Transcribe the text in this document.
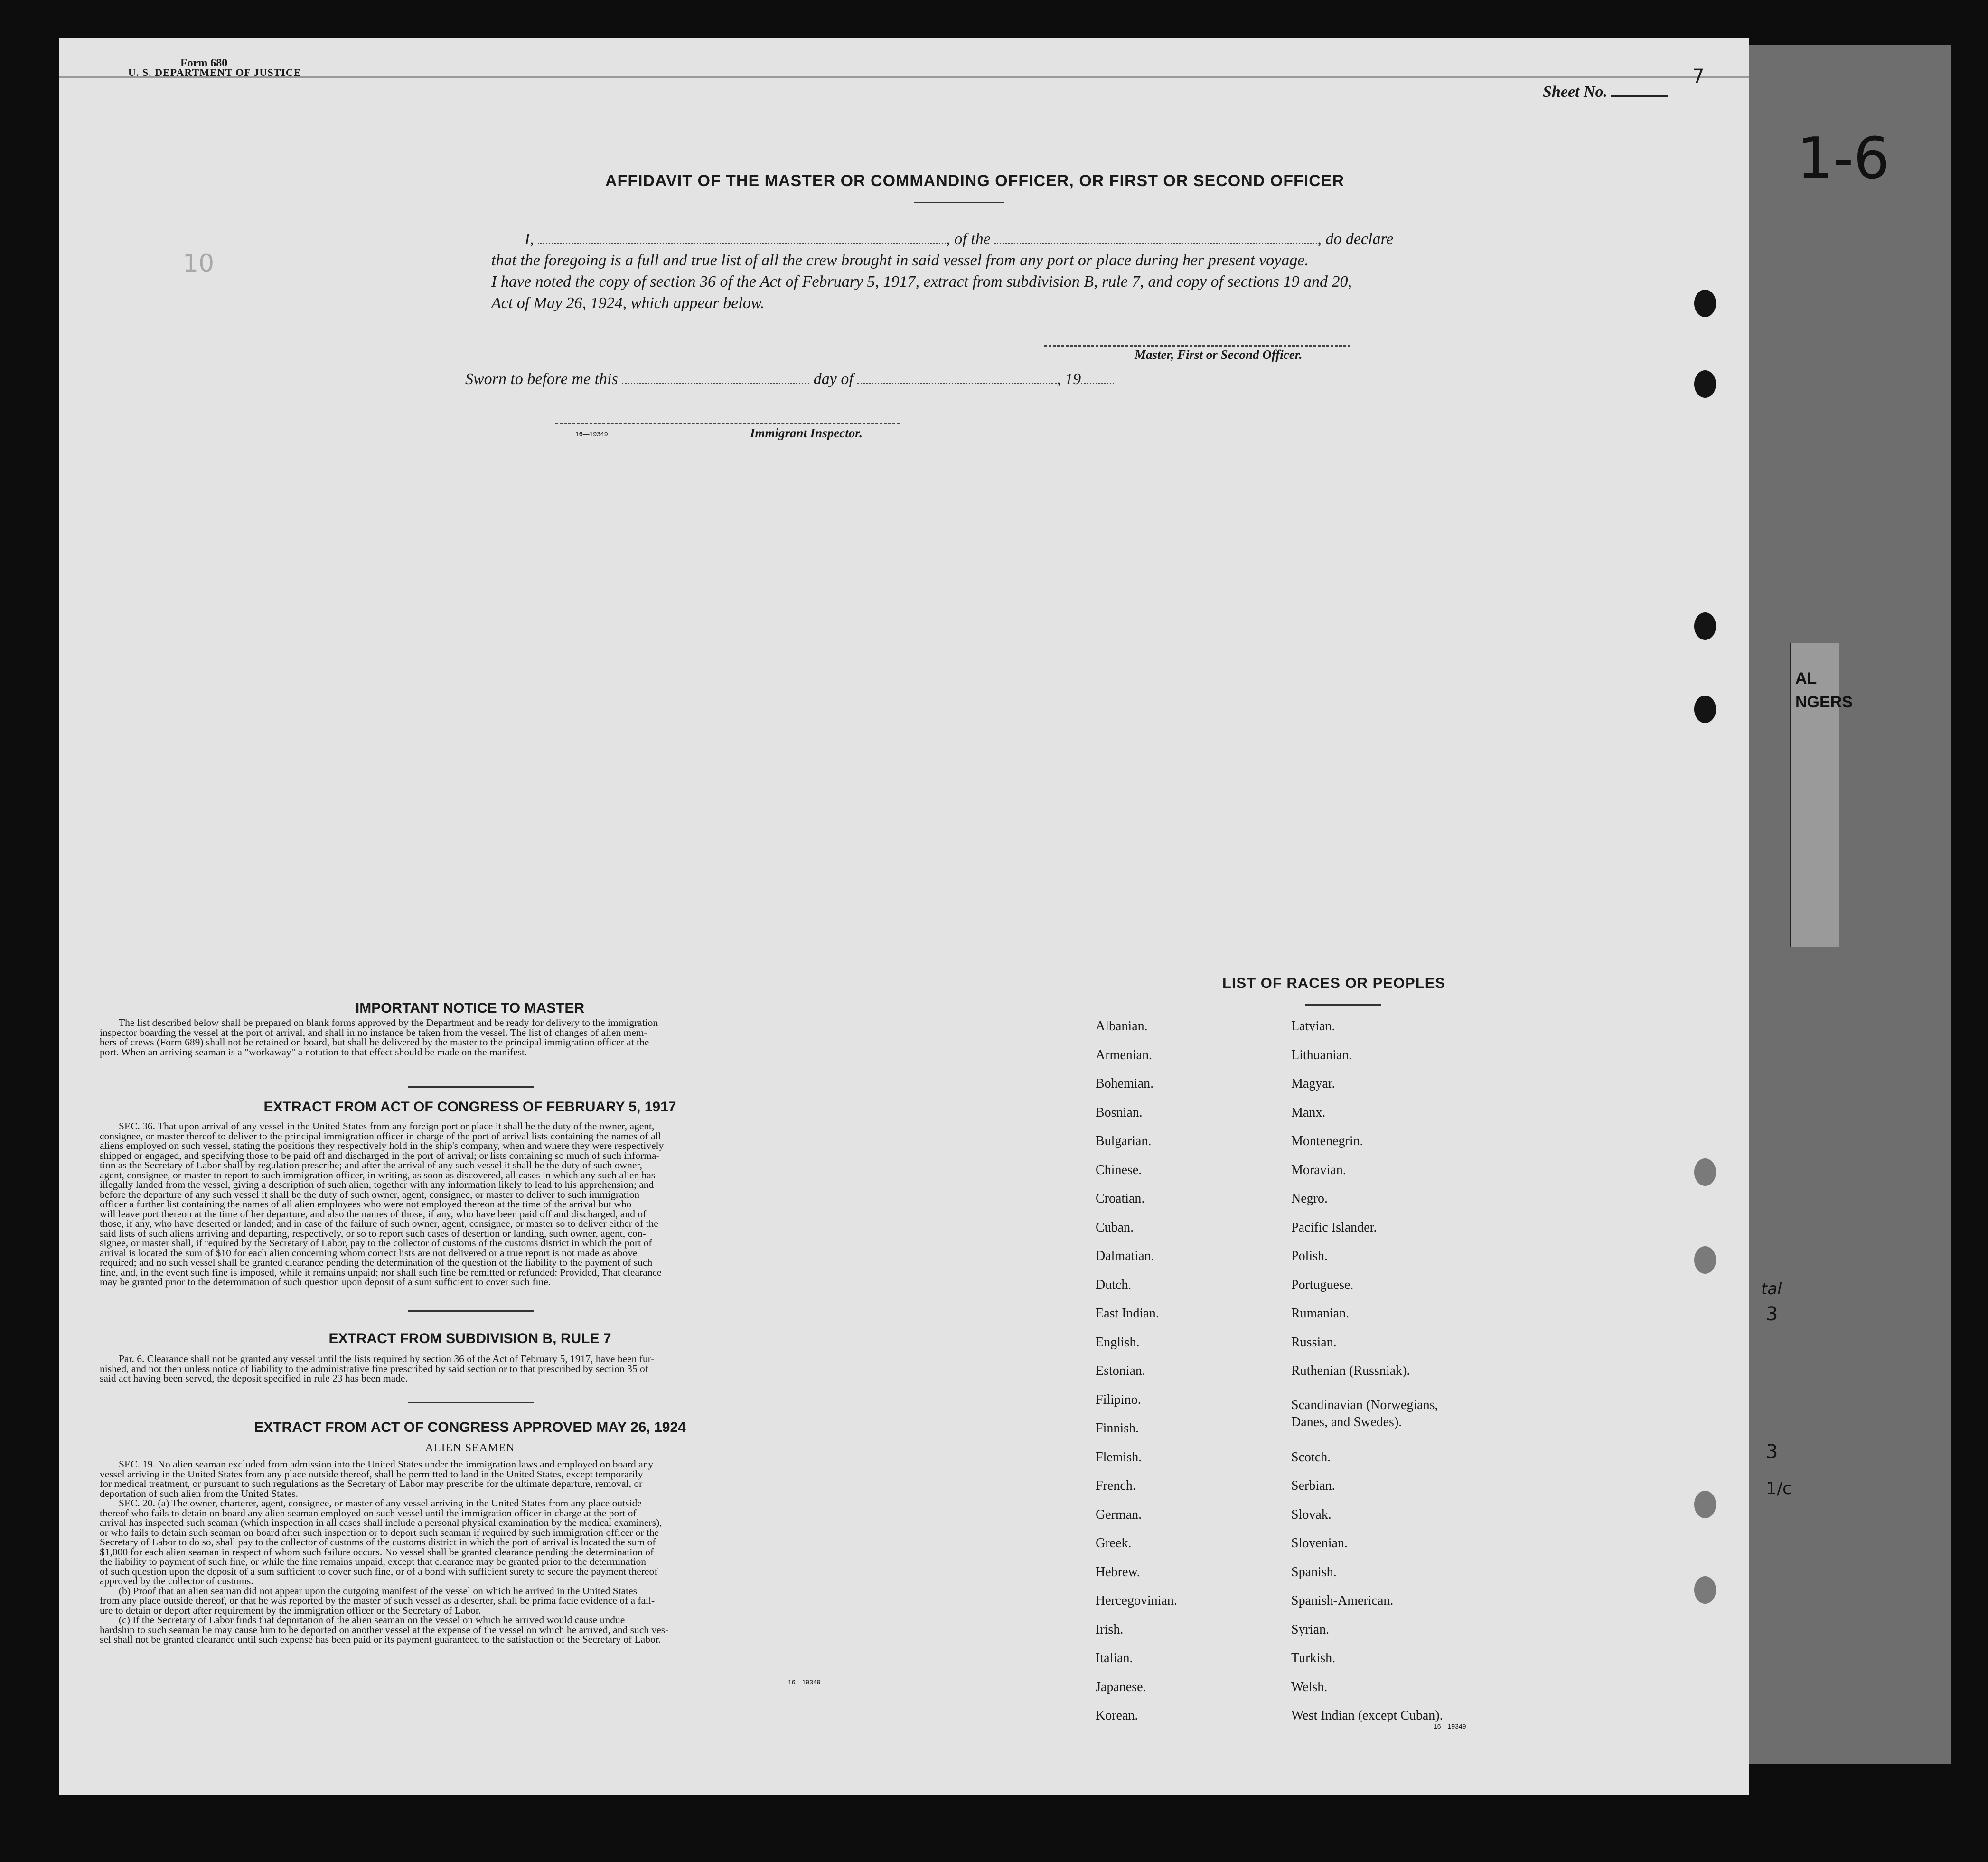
1-6
AL
NGERS
tal
3
3
1/c
Form 680
U. S. DEPARTMENT OF JUSTICE
Sheet No.
7
10
AFFIDAVIT OF THE MASTER OR COMMANDING OFFICER, OR FIRST OR SECOND OFFICER
I,	, of the	, do declare
that the foregoing is a full and true list of all the crew brought in said vessel from any port or place during her present voyage.
I have noted the copy of section 36 of the Act of February 5, 1917, extract from subdivision B, rule 7, and copy of sections 19 and 20,
Act of May 26, 1924, which appear below.
Master, First or Second Officer.
Sworn to before me this	day of	, 19
16—19349	Immigrant Inspector.
IMPORTANT NOTICE TO MASTER
The list described below shall be prepared on blank forms approved by the Department and be ready for delivery to the immigration
inspector boarding the vessel at the port of arrival, and shall in no instance be taken from the vessel. The list of changes of alien mem-
bers of crews (Form 689) shall not be retained on board, but shall be delivered by the master to the principal immigration officer at the
port. When an arriving seaman is a "workaway" a notation to that effect should be made on the manifest.
EXTRACT FROM ACT OF CONGRESS OF FEBRUARY 5, 1917
SEC. 36. That upon arrival of any vessel in the United States from any foreign port or place it shall be the duty of the owner, agent,
consignee, or master thereof to deliver to the principal immigration officer in charge of the port of arrival lists containing the names of all
aliens employed on such vessel, stating the positions they respectively hold in the ship's company, when and where they were respectively
shipped or engaged, and specifying those to be paid off and discharged in the port of arrival; or lists containing so much of such informa-
tion as the Secretary of Labor shall by regulation prescribe; and after the arrival of any such vessel it shall be the duty of such owner,
agent, consignee, or master to report to such immigration officer, in writing, as soon as discovered, all cases in which any such alien has
illegally landed from the vessel, giving a description of such alien, together with any information likely to lead to his apprehension; and
before the departure of any such vessel it shall be the duty of such owner, agent, consignee, or master to deliver to such immigration
officer a further list containing the names of all alien employees who were not employed thereon at the time of the arrival but who
will leave port thereon at the time of her departure, and also the names of those, if any, who have been paid off and discharged, and of
those, if any, who have deserted or landed; and in case of the failure of such owner, agent, consignee, or master so to deliver either of the
said lists of such aliens arriving and departing, respectively, or so to report such cases of desertion or landing, such owner, agent, con-
signee, or master shall, if required by the Secretary of Labor, pay to the collector of customs of the customs district in which the port of
arrival is located the sum of $10 for each alien concerning whom correct lists are not delivered or a true report is not made as above
required; and no such vessel shall be granted clearance pending the determination of the question of the liability to the payment of such
fine, and, in the event such fine is imposed, while it remains unpaid; nor shall such fine be remitted or refunded: Provided, That clearance
may be granted prior to the determination of such question upon deposit of a sum sufficient to cover such fine.
EXTRACT FROM SUBDIVISION B, RULE 7
Par. 6. Clearance shall not be granted any vessel until the lists required by section 36 of the Act of February 5, 1917, have been fur-
nished, and not then unless notice of liability to the administrative fine prescribed by said section or to that prescribed by section 35 of
said act having been served, the deposit specified in rule 23 has been made.
EXTRACT FROM ACT OF CONGRESS APPROVED MAY 26, 1924
ALIEN SEAMEN
SEC. 19. No alien seaman excluded from admission into the United States under the immigration laws and employed on board any
vessel arriving in the United States from any place outside thereof, shall be permitted to land in the United States, except temporarily
for medical treatment, or pursuant to such regulations as the Secretary of Labor may prescribe for the ultimate departure, removal, or
deportation of such alien from the United States.
SEC. 20. (a) The owner, charterer, agent, consignee, or master of any vessel arriving in the United States from any place outside
thereof who fails to detain on board any alien seaman employed on such vessel until the immigration officer in charge at the port of
arrival has inspected such seaman (which inspection in all cases shall include a personal physical examination by the medical examiners),
or who fails to detain such seaman on board after such inspection or to deport such seaman if required by such immigration officer or the
Secretary of Labor to do so, shall pay to the collector of customs of the customs district in which the port of arrival is located the sum of
$1,000 for each alien seaman in respect of whom such failure occurs. No vessel shall be granted clearance pending the determination of
the liability to payment of such fine, or while the fine remains unpaid, except that clearance may be granted prior to the determination
of such question upon the deposit of a sum sufficient to cover such fine, or of a bond with sufficient surety to secure the payment thereof
approved by the collector of customs.
(b) Proof that an alien seaman did not appear upon the outgoing manifest of the vessel on which he arrived in the United States
from any place outside thereof, or that he was reported by the master of such vessel as a deserter, shall be prima facie evidence of a fail-
ure to detain or deport after requirement by the immigration officer or the Secretary of Labor.
(c) If the Secretary of Labor finds that deportation of the alien seaman on the vessel on which he arrived would cause undue
hardship to such seaman he may cause him to be deported on another vessel at the expense of the vessel on which he arrived, and such ves-
sel shall not be granted clearance until such expense has been paid or its payment guaranteed to the satisfaction of the Secretary of Labor.
16—19349
LIST OF RACES OR PEOPLES
Albanian.
Armenian.
Bohemian.
Bosnian.
Bulgarian.
Chinese.
Croatian.
Cuban.
Dalmatian.
Dutch.
East Indian.
English.
Estonian.
Filipino.
Finnish.
Flemish.
French.
German.
Greek.
Hebrew.
Hercegovinian.
Irish.
Italian.
Japanese.
Korean.
Latvian.
Lithuanian.
Magyar.
Manx.
Montenegrin.
Moravian.
Negro.
Pacific Islander.
Polish.
Portuguese.
Rumanian.
Russian.
Ruthenian (Russniak).
Scandinavian (Norwegians, Danes, and Swedes).
Scotch.
Serbian.
Slovak.
Slovenian.
Spanish.
Spanish-American.
Syrian.
Turkish.
Welsh.
West Indian (except Cuban).
16—19349
